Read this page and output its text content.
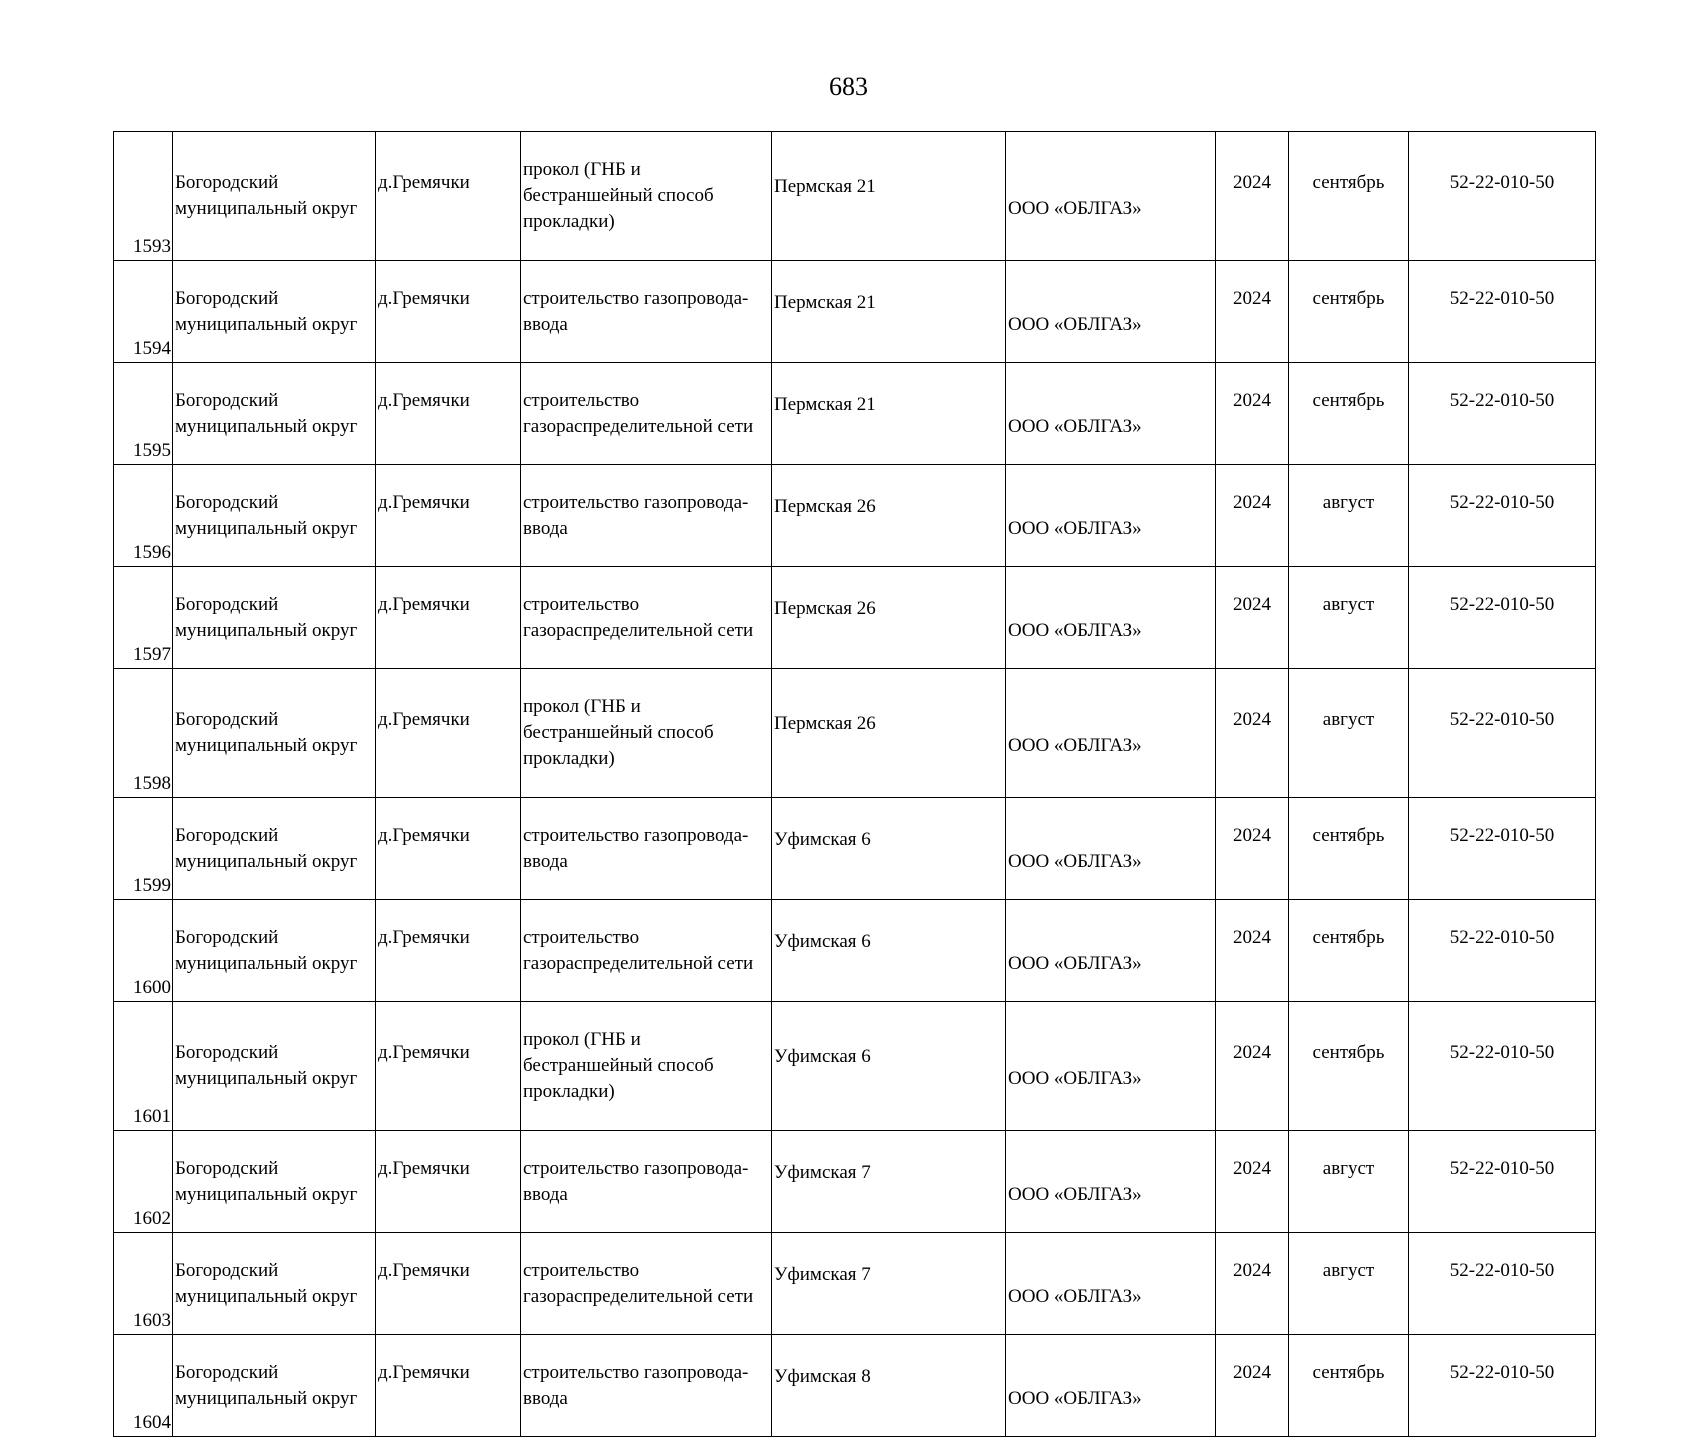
683
1593	Богородский муниципальный округ	д.Гремячки	прокол (ГНБ и бестраншейный способ прокладки)	Пермская 21	ООО «ОБЛГАЗ»	2024	сентябрь	52-22-010-50
1594	Богородский муниципальный округ	д.Гремячки	строительство газопровода-ввода	Пермская 21	ООО «ОБЛГАЗ»	2024	сентябрь	52-22-010-50
1595	Богородский муниципальный округ	д.Гремячки	строительство газораспределительной сети	Пермская 21	ООО «ОБЛГАЗ»	2024	сентябрь	52-22-010-50
1596	Богородский муниципальный округ	д.Гремячки	строительство газопровода-ввода	Пермская 26	ООО «ОБЛГАЗ»	2024	август	52-22-010-50
1597	Богородский муниципальный округ	д.Гремячки	строительство газораспределительной сети	Пермская 26	ООО «ОБЛГАЗ»	2024	август	52-22-010-50
1598	Богородский муниципальный округ	д.Гремячки	прокол (ГНБ и бестраншейный способ прокладки)	Пермская 26	ООО «ОБЛГАЗ»	2024	август	52-22-010-50
1599	Богородский муниципальный округ	д.Гремячки	строительство газопровода-ввода	Уфимская 6	ООО «ОБЛГАЗ»	2024	сентябрь	52-22-010-50
1600	Богородский муниципальный округ	д.Гремячки	строительство газораспределительной сети	Уфимская 6	ООО «ОБЛГАЗ»	2024	сентябрь	52-22-010-50
1601	Богородский муниципальный округ	д.Гремячки	прокол (ГНБ и бестраншейный способ прокладки)	Уфимская 6	ООО «ОБЛГАЗ»	2024	сентябрь	52-22-010-50
1602	Богородский муниципальный округ	д.Гремячки	строительство газопровода-ввода	Уфимская 7	ООО «ОБЛГАЗ»	2024	август	52-22-010-50
1603	Богородский муниципальный округ	д.Гремячки	строительство газораспределительной сети	Уфимская 7	ООО «ОБЛГАЗ»	2024	август	52-22-010-50
1604	Богородский муниципальный округ	д.Гремячки	строительство газопровода-ввода	Уфимская 8	ООО «ОБЛГАЗ»	2024	сентябрь	52-22-010-50
